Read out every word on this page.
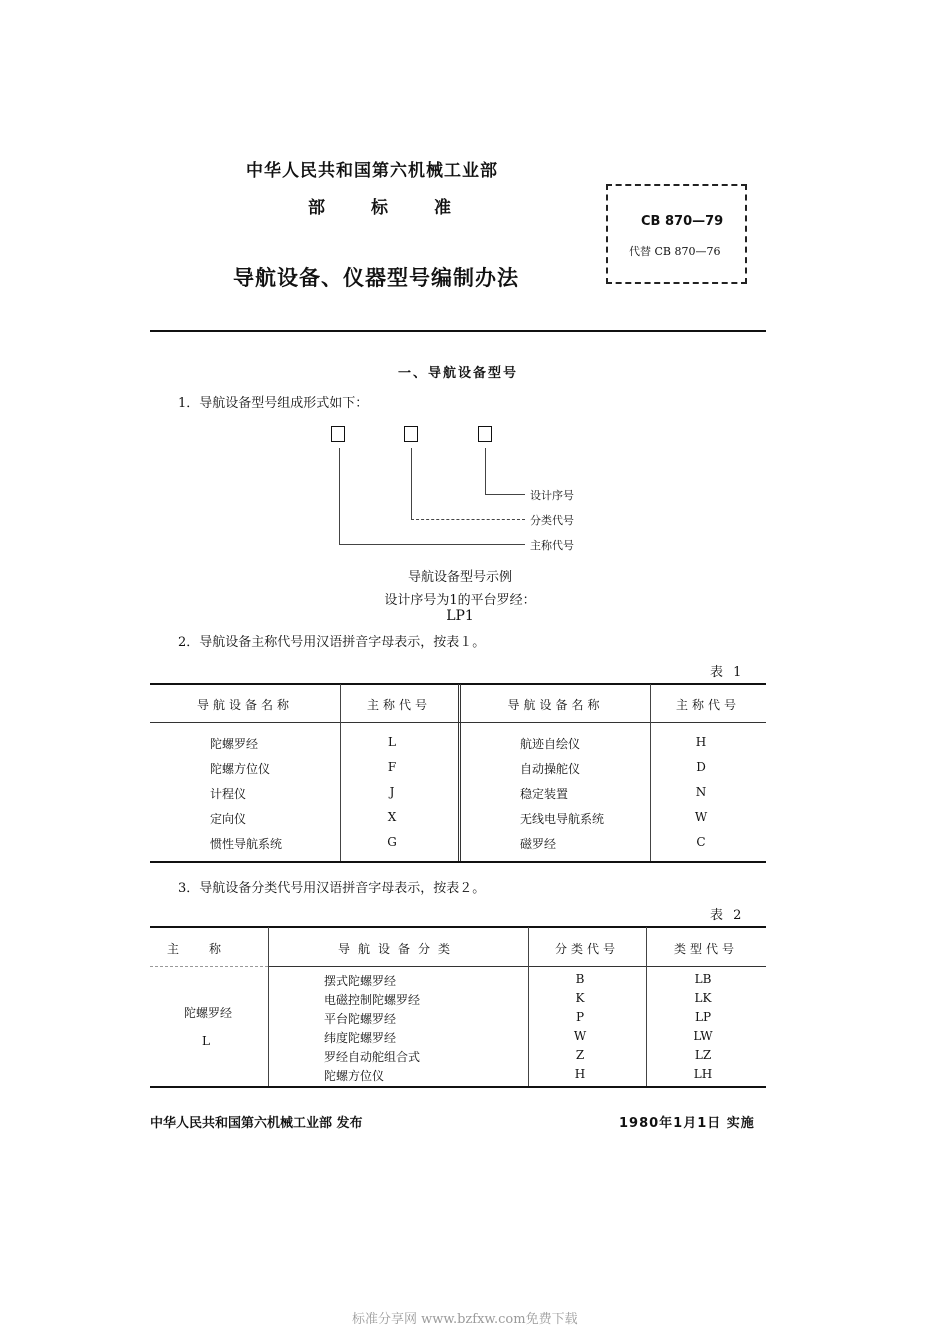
中华人民共和国第六机械工业部
部标准
导航设备、仪器型号编制办法
CB 870—79
代替 CB 870—76
一、导航设备型号
1．导航设备型号组成形式如下：
设计序号
分类代号
主称代号
导航设备型号示例
设计序号为1的平台罗经：
LP1
2．导航设备主称代号用汉语拼音字母表示，按表１。
表 1
导航设备名称	主称代号	导航设备名称	主称代号
陀螺罗经	L	航迹自绘仪	H
陀螺方位仪	F	自动操舵仪	D
计程仪	J	稳定装置	N
定向仪	X	无线电导航系统	W
惯性导航系统	G	磁罗经	C
3．导航设备分类代号用汉语拼音字母表示，按表２。
表 2
主称	导航设备分类	分类代号	类型代号
陀螺罗经
L
摆式陀螺罗经	B	LB
电磁控制陀螺罗经	K	LK
平台陀螺罗经	P	LP
纬度陀螺罗经	W	LW
罗经自动舵组合式	Z	LZ
陀螺方位仪	H	LH
中华人民共和国第六机械工业部 发布	1980年1月1日 实施
标准分享网 www.bzfxw.com免费下载
